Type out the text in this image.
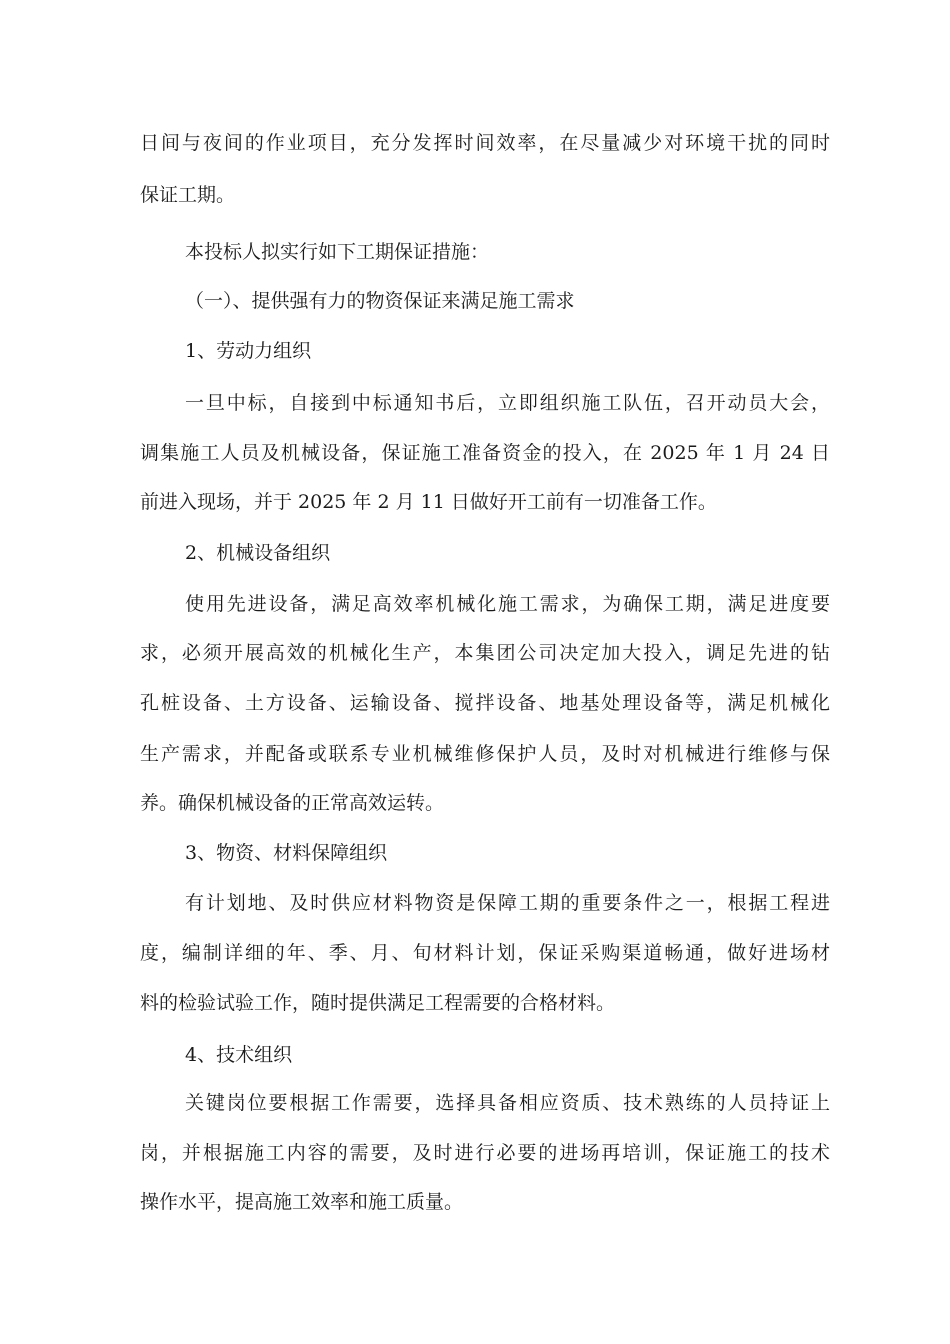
日间与夜间的作业项目，充分发挥时间效率，在尽量减少对环境干扰的同时
保证工期。
本投标人拟实行如下工期保证措施：
（一）、提供强有力的物资保证来满足施工需求
1、劳动力组织
一旦中标，自接到中标通知书后，立即组织施工队伍，召开动员大会，
调集施工人员及机械设备，保证施工准备资金的投入，在 2025 年 1 月 24 日
前进入现场，并于 2025 年 2 月 11 日做好开工前有一切准备工作。
2、机械设备组织
使用先进设备，满足高效率机械化施工需求，为确保工期，满足进度要
求，必须开展高效的机械化生产，本集团公司决定加大投入，调足先进的钻
孔桩设备、土方设备、运输设备、搅拌设备、地基处理设备等，满足机械化
生产需求，并配备或联系专业机械维修保护人员，及时对机械进行维修与保
养。确保机械设备的正常高效运转。
3、物资、材料保障组织
有计划地、及时供应材料物资是保障工期的重要条件之一，根据工程进
度，编制详细的年、季、月、旬材料计划，保证采购渠道畅通，做好进场材
料的检验试验工作，随时提供满足工程需要的合格材料。
4、技术组织
关键岗位要根据工作需要，选择具备相应资质、技术熟练的人员持证上
岗，并根据施工内容的需要，及时进行必要的进场再培训，保证施工的技术
操作水平，提高施工效率和施工质量。
